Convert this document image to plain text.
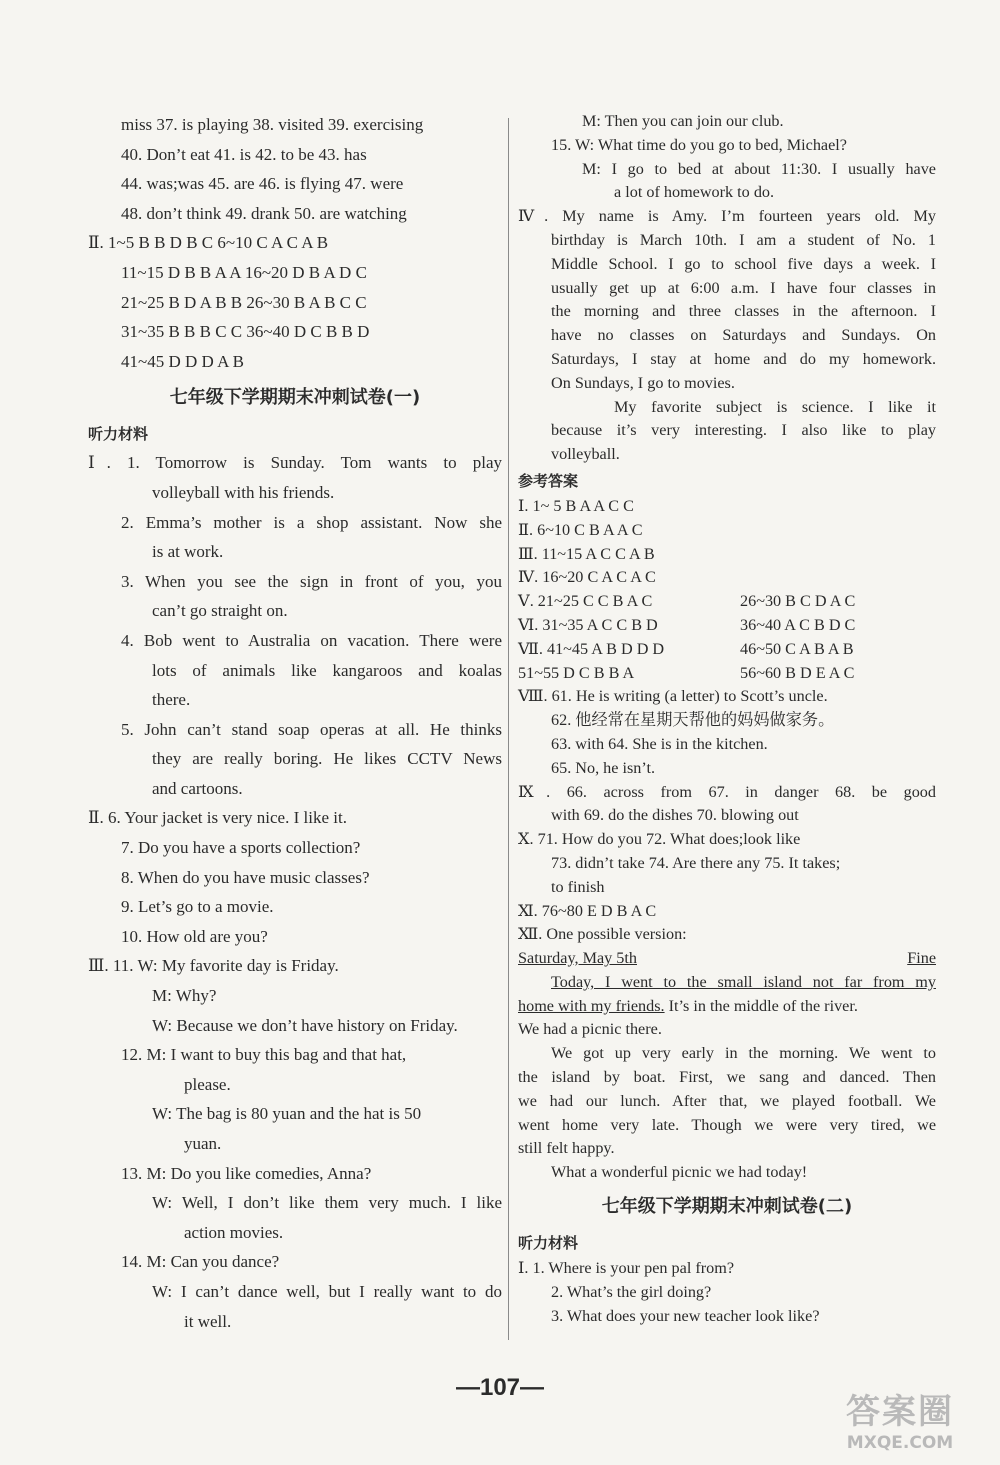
miss 37. is playing 38. visited 39. exercising
40. Don’t eat 41. is 42. to be 43. has
44. was;was 45. are 46. is flying 47. were
48. don’t think 49. drank 50. are watching
Ⅱ. 1~5 B B D B C 6~10 C A C A B
11~15 D B B A A 16~20 D B A D C
21~25 B D A B B 26~30 B A B C C
31~35 B B B C C 36~40 D C B B D
41~45 D D D A B
七年级下学期期末冲刺试卷(一)
听力材料
Ⅰ. 1. Tomorrow is Sunday. Tom wants to play
volleyball with his friends.
2. Emma’s mother is a shop assistant. Now she
is at work.
3. When you see the sign in front of you, you
can’t go straight on.
4. Bob went to Australia on vacation. There were
lots of animals like kangaroos and koalas
there.
5. John can’t stand soap operas at all. He thinks
they are really boring. He likes CCTV News
and cartoons.
Ⅱ. 6. Your jacket is very nice. I like it.
7. Do you have a sports collection?
8. When do you have music classes?
9. Let’s go to a movie.
10. How old are you?
Ⅲ. 11. W: My favorite day is Friday.
M: Why?
W: Because we don’t have history on Friday.
12. M: I want to buy this bag and that hat,
please.
W: The bag is 80 yuan and the hat is 50
yuan.
13. M: Do you like comedies, Anna?
W: Well, I don’t like them very much. I like
action movies.
14. M: Can you dance?
W: I can’t dance well, but I really want to do
it well.
M: Then you can join our club.
15. W: What time do you go to bed, Michael?
M: I go to bed at about 11:30. I usually have
a lot of homework to do.
Ⅳ. My name is Amy. I’m fourteen years old. My
birthday is March 10th. I am a student of No. 1
Middle School. I go to school five days a week. I
usually get up at 6:00 a.m. I have four classes in
the morning and three classes in the afternoon. I
have no classes on Saturdays and Sundays. On
Saturdays, I stay at home and do my homework.
On Sundays, I go to movies.
My favorite subject is science. I like it
because it’s very interesting. I also like to play
volleyball.
参考答案
Ⅰ. 1~ 5 B A A C C
Ⅱ. 6~10 C B A A C
Ⅲ. 11~15 A C C A B
Ⅳ. 16~20 C A C A C
Ⅴ. 21~25 C C B A C	26~30 B C D A C
Ⅵ. 31~35 A C C B D	36~40 A C B D C
Ⅶ. 41~45 A B D D D	46~50 C A B A B
51~55 D C B B A	56~60 B D E A C
Ⅷ. 61. He is writing (a letter) to Scott’s uncle.
62. 他经常在星期天帮他的妈妈做家务。
63. with 64. She is in the kitchen.
65. No, he isn’t.
Ⅸ. 66. across from 67. in danger 68. be good
with 69. do the dishes 70. blowing out
Ⅹ. 71. How do you 72. What does;look like
73. didn’t take 74. Are there any 75. It takes;
to finish
Ⅺ. 76~80 E D B A C
Ⅻ. One possible version:
Saturday, May 5th	Fine
Today, I went to the small island not far from my
home with my friends. It’s in the middle of the river.
We had a picnic there.
We got up very early in the morning. We went to
the island by boat. First, we sang and danced. Then
we had our lunch. After that, we played football. We
went home very late. Though we were very tired, we
still felt happy.
What a wonderful picnic we had today!
七年级下学期期末冲刺试卷(二)
听力材料
Ⅰ. 1. Where is your pen pal from?
2. What’s the girl doing?
3. What does your new teacher look like?
—107—
答案圈
MXQE.COM
